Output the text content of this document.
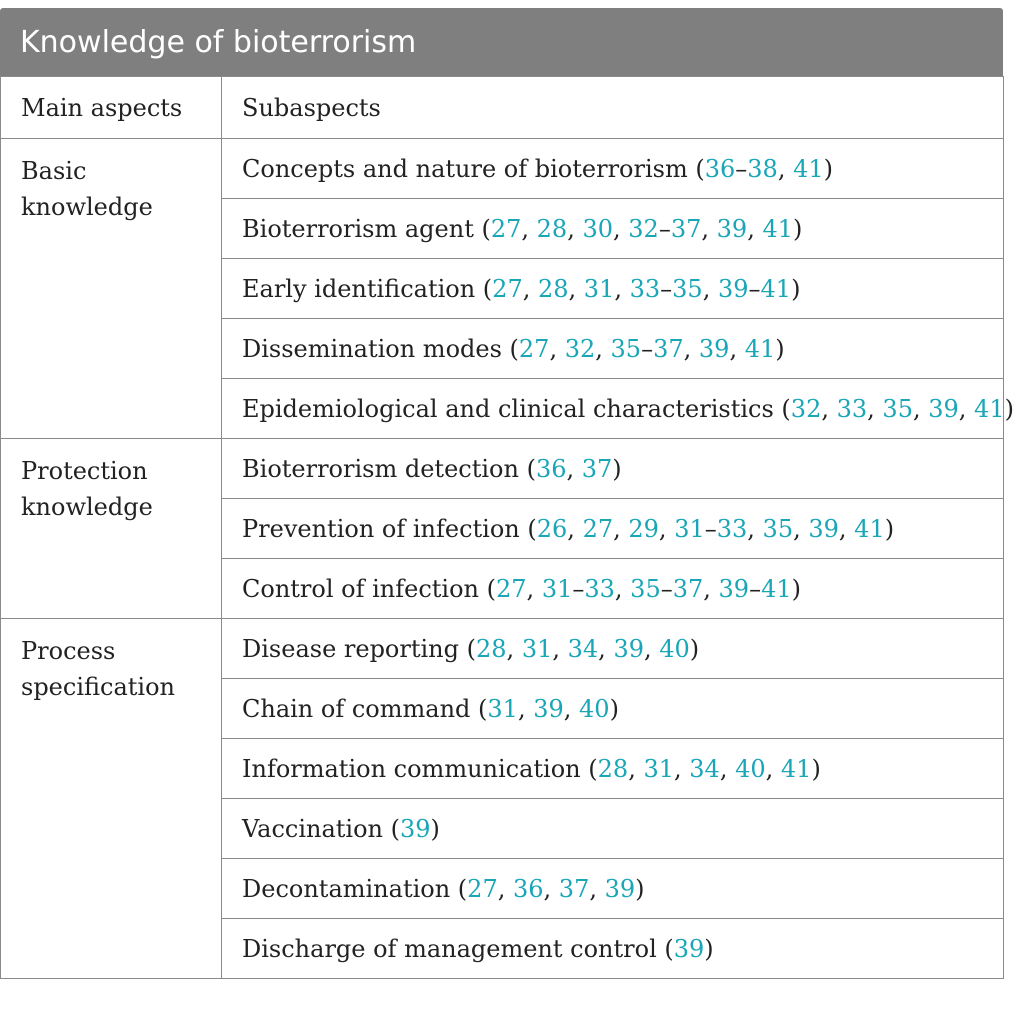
Knowledge of bioterrorism
Main aspects	Subaspects

Basic knowledge	Concepts and nature of bioterrorism (36–38, 41)
	Bioterrorism agent (27, 28, 30, 32–37, 39, 41)
	Early identification (27, 28, 31, 33–35, 39–41)
	Dissemination modes (27, 32, 35–37, 39, 41)
	Epidemiological and clinical characteristics (32, 33, 35, 39, 41)

Protection knowledge	Bioterrorism detection (36, 37)
	Prevention of infection (26, 27, 29, 31–33, 35, 39, 41)
	Control of infection (27, 31–33, 35–37, 39–41)

Process specification	Disease reporting (28, 31, 34, 39, 40)
	Chain of command (31, 39, 40)
	Information communication (28, 31, 34, 40, 41)
	Vaccination (39)
	Decontamination (27, 36, 37, 39)
	Discharge of management control (39)
